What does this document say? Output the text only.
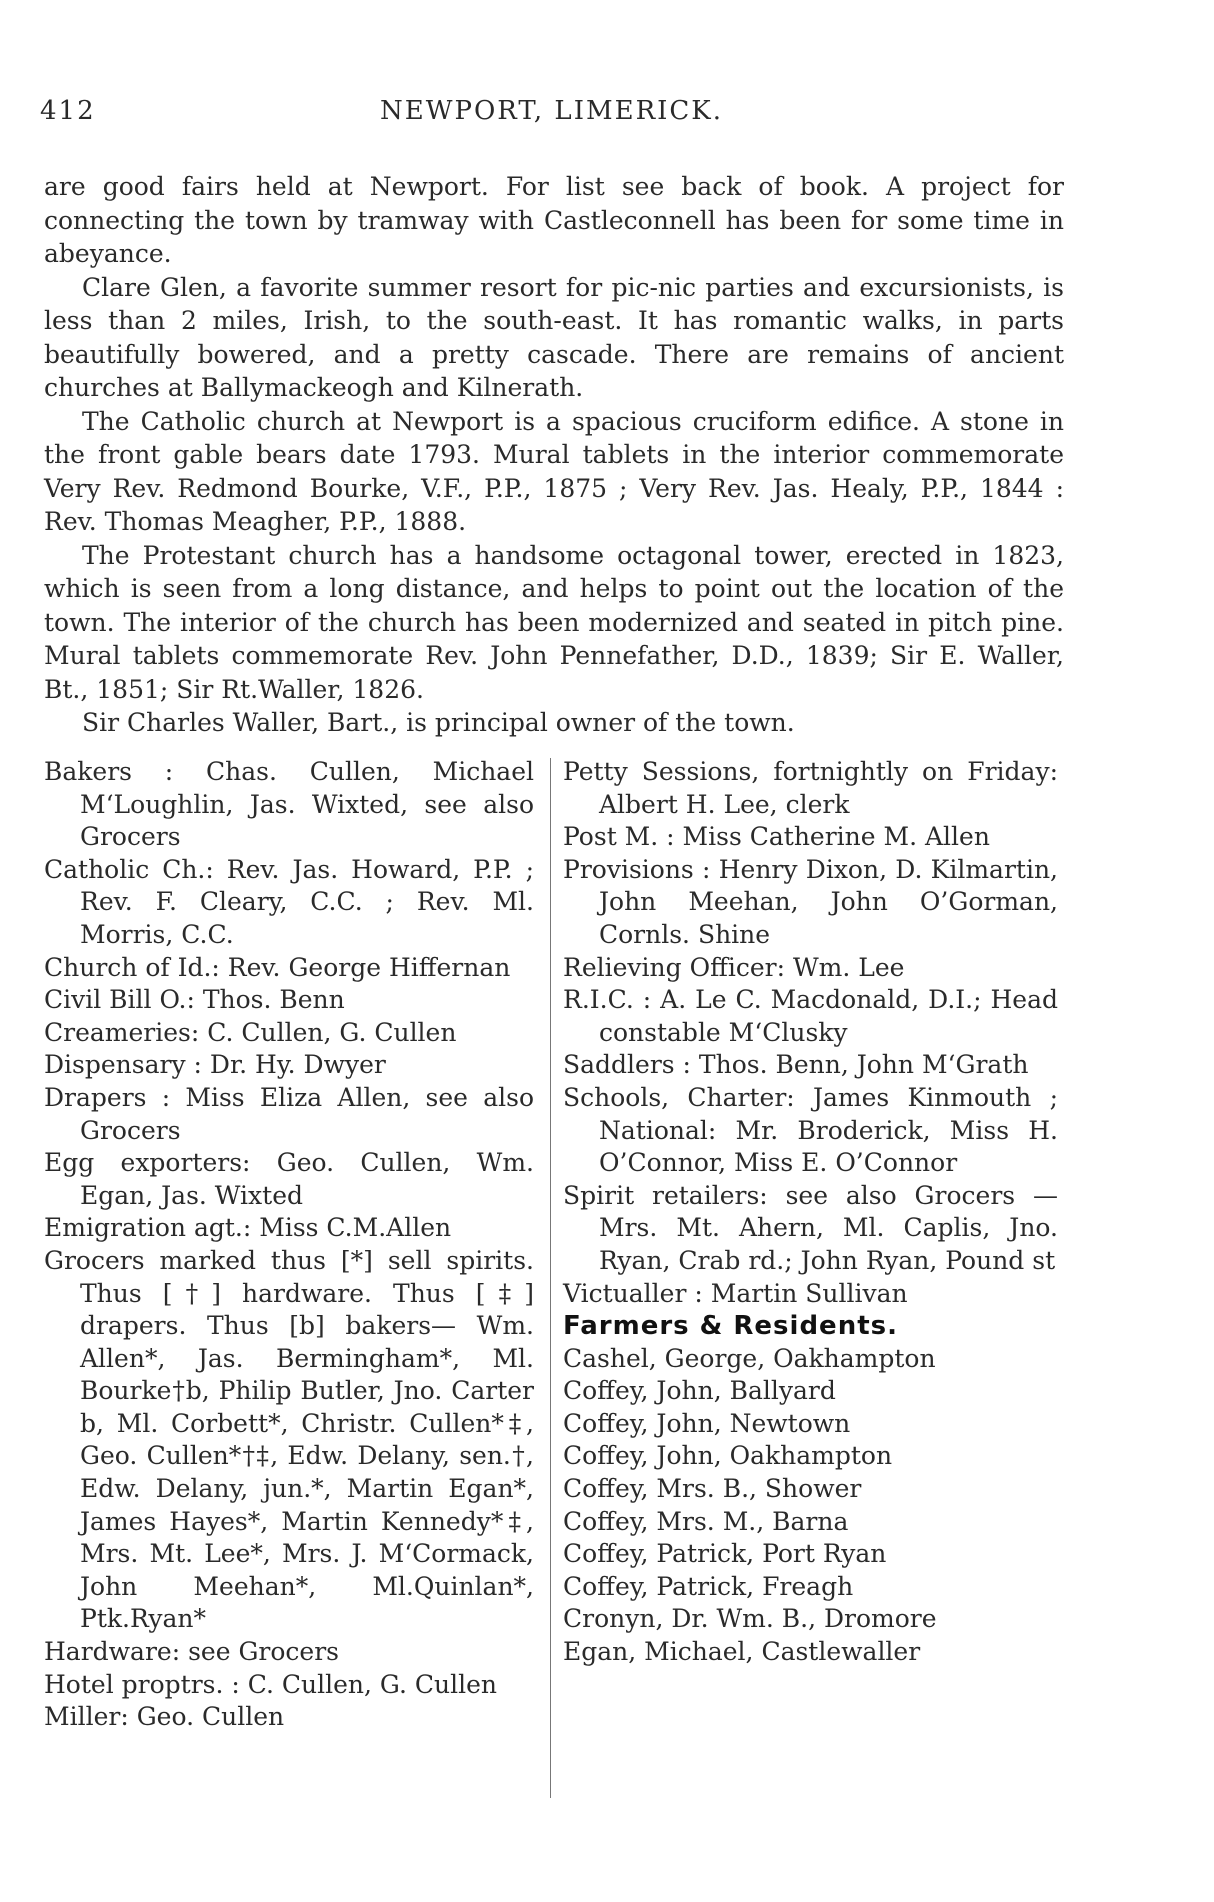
412	NEWPORT, LIMERICK.

are good fairs held at Newport. For list see back of book. A project for connecting the town by tramway with Castleconnell has been for some time in abeyance.

Clare Glen, a favorite summer resort for pic-nic parties and excursionists, is less than 2 miles, Irish, to the south-east. It has romantic walks, in parts beautifully bowered, and a pretty cascade. There are remains of ancient churches at Ballymackeogh and Kilnerath.

The Catholic church at Newport is a spacious cruciform edifice. A stone in the front gable bears date 1793. Mural tablets in the interior commemorate Very Rev. Redmond Bourke, V.F., P.P., 1875 ; Very Rev. Jas. Healy, P.P., 1844 : Rev. Thomas Meagher, P.P., 1888.

The Protestant church has a handsome octagonal tower, erected in 1823, which is seen from a long distance, and helps to point out the location of the town. The interior of the church has been modernized and seated in pitch pine. Mural tablets commemorate Rev. John Pennefather, D.D., 1839; Sir E. Waller, Bt., 1851; Sir Rt.Waller, 1826.

Sir Charles Waller, Bart., is principal owner of the town.

Bakers : Chas. Cullen, Michael M‘Loughlin, Jas. Wixted, see also Grocers
Catholic Ch.: Rev. Jas. Howard, P.P. ; Rev. F. Cleary, C.C. ; Rev. Ml. Morris, C.C.
Church of Id.: Rev. George Hiffernan
Civil Bill O.: Thos. Benn
Creameries: C. Cullen, G. Cullen
Dispensary : Dr. Hy. Dwyer
Drapers : Miss Eliza Allen, see also Grocers
Egg exporters: Geo. Cullen, Wm. Egan, Jas. Wixted
Emigration agt.: Miss C.M.Allen
Grocers marked thus [*] sell spirits. Thus [†] hardware. Thus [‡] drapers. Thus [b] bakers— Wm. Allen*, Jas. Bermingham*, Ml. Bourke†b, Philip Butler, Jno. Carter b, Ml. Corbett*, Christr. Cullen*‡, Geo. Cullen*†‡, Edw. Delany, sen.†, Edw. Delany, jun.*, Martin Egan*, James Hayes*, Martin Kennedy*‡, Mrs. Mt. Lee*, Mrs. J. M‘Cormack, John Meehan*, Ml.Quinlan*, Ptk.Ryan*
Hardware: see Grocers
Hotel proptrs. : C. Cullen, G. Cullen
Miller: Geo. Cullen
Petty Sessions, fortnightly on Friday: Albert H. Lee, clerk
Post M. : Miss Catherine M. Allen
Provisions : Henry Dixon, D. Kilmartin, John Meehan, John O’Gorman, Cornls. Shine
Relieving Officer: Wm. Lee
R.I.C. : A. Le C. Macdonald, D.I.; Head constable M‘Clusky
Saddlers : Thos. Benn, John M‘Grath
Schools, Charter: James Kinmouth ; National: Mr. Broderick, Miss H. O’Connor, Miss E. O’Connor
Spirit retailers: see also Grocers —Mrs. Mt. Ahern, Ml. Caplis, Jno. Ryan, Crab rd.; John Ryan, Pound st
Victualler : Martin Sullivan
Farmers & Residents.
Cashel, George, Oakhampton
Coffey, John, Ballyard
Coffey, John, Newtown
Coffey, John, Oakhampton
Coffey, Mrs. B., Shower
Coffey, Mrs. M., Barna
Coffey, Patrick, Port Ryan
Coffey, Patrick, Freagh
Cronyn, Dr. Wm. B., Dromore
Egan, Michael, Castlewaller
